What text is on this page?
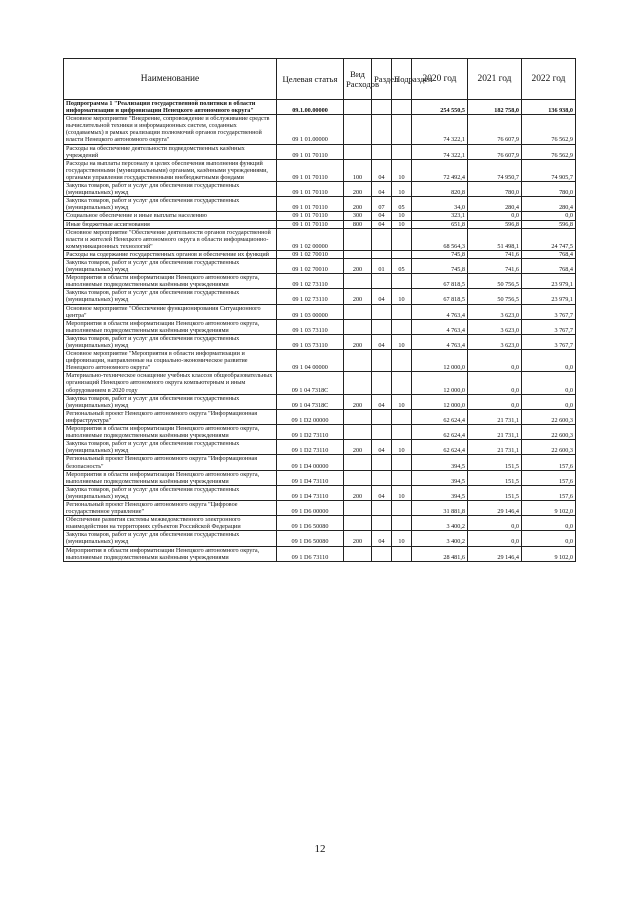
Наименование	Целевая статья	Вид Расходов	Раздел	Подраздел	2020 год	2021 год	2022 год
Подпрограмма 1 "Реализация государственной политики в области информатизации и цифровизации Ненецкого автономного округа"	09.1.00.00000				254 550,5	182 758,0	136 938,0
Основное мероприятие "Внедрение, сопровождение и обслуживание средств вычислительной техники и информационных систем, созданных (создаваемых) в рамках реализации полномочий органов государственной власти Ненецкого автономного округа"	09 1 01.00000				74 322,1	76 607,9	76 562,9
Расходы на обеспечение деятельности подведомственных казённых учреждений	09 1 01 70110				74 322,1	76 607,9	76 562,9
Расходы на выплаты персоналу в целях обеспечения выполнения функций государственными (муниципальными) органами, казёнными учреждениями, органами управления государственными внебюджетными фондами	09 1 01 70110	100	04	10	72 492,4	74 950,7	74 905,7
Закупка товаров, работ и услуг для обеспечения государственных (муниципальных) нужд	09 1 01 70110	200	04	10	820,8	780,0	780,0
Закупка товаров, работ и услуг для обеспечения государственных (муниципальных) нужд	09 1 01 70110	200	07	05	34,0	280,4	280,4
Социальное обеспечение и иные выплаты населению	09 1 01 70110	300	04	10	323,1	0,0	0,0
Иные бюджетные ассигнования	09 1 01 70110	800	04	10	651,8	596,8	596,8
Основное мероприятие "Обеспечение деятельности органов государственной власти и жителей Ненецкого автономного округа в области информационно-коммуникационных технологий"	09 1 02 00000				68 564,3	51 498,1	24 747,5
Расходы на содержание государственных органов и обеспечение их функций	09 1 02 70010				745,8	741,6	768,4
Закупка товаров, работ и услуг для обеспечения государственных (муниципальных) нужд	09 1 02 70010	200	01	05	745,8	741,6	768,4
Мероприятия в области информатизации Ненецкого автономного округа, выполняемые подведомственными казёнными учреждениями	09 1 02 73110				67 818,5	50 756,5	23 979,1
Закупка товаров, работ и услуг для обеспечения государственных (муниципальных) нужд	09 1 02 73110	200	04	10	67 818,5	50 756,5	23 979,1
Основное мероприятие "Обеспечение функционирования Ситуационного центра"	09 1 03 00000				4 763,4	3 623,0	3 767,7
Мероприятия в области информатизации Ненецкого автономного округа, выполняемые подведомственными казёнными учреждениями	09 1 03 73110				4 763,4	3 623,0	3 767,7
Закупка товаров, работ и услуг для обеспечения государственных (муниципальных) нужд	09 1 03 73110	200	04	10	4 763,4	3 623,0	3 767,7
Основное мероприятие "Мероприятия в области информатизации и цифровизации, направленные на социально-экономическое развитие Ненецкого автономного округа"	09 1 04 00000				12 000,0	0,0	0,0
Материально-техническое оснащение учебных классов общеобразовательных организаций Ненецкого автономного округа компьютерным и иным оборудованием в 2020 году	09 1 04 7318С				12 000,0	0,0	0,0
Закупка товаров, работ и услуг для обеспечения государственных (муниципальных) нужд	09 1 04 7318С	200	04	10	12 000,0	0,0	0,0
Региональный проект Ненецкого автономного округа "Информационная инфраструктура"	09 1 D2 00000				62 624,4	21 731,1	22 600,3
Мероприятия в области информатизации Ненецкого автономного округа, выполняемые подведомственными казёнными учреждениями	09 1 D2 73110				62 624,4	21 731,1	22 600,3
Закупка товаров, работ и услуг для обеспечения государственных (муниципальных) нужд	09 1 D2 73110	200	04	10	62 624,4	21 731,1	22 600,3
Региональный проект Ненецкого автономного округа "Информационная безопасность"	09 1 D4 00000				394,5	151,5	157,6
Мероприятия в области информатизации Ненецкого автономного округа, выполняемые подведомственными казёнными учреждениями	09 1 D4 73110				394,5	151,5	157,6
Закупка товаров, работ и услуг для обеспечения государственных (муниципальных) нужд	09 1 D4 73110	200	04	10	394,5	151,5	157,6
Региональный проект Ненецкого автономного округа "Цифровое государственное управление"	09 1 D6 00000				31 881,8	29 146,4	9 102,0
Обеспечение развития системы межведомственного электронного взаимодействия на территориях субъектов Российской Федерации	09 1 D6 50080				3 400,2	0,0	0,0
Закупка товаров, работ и услуг для обеспечения государственных (муниципальных) нужд	09 1 D6 50080	200	04	10	3 400,2	0,0	0,0
Мероприятия в области информатизации Ненецкого автономного округа, выполняемые подведомственными казёнными учреждениями	09 1 D6 73110				28 481,6	29 146,4	9 102,0
12
